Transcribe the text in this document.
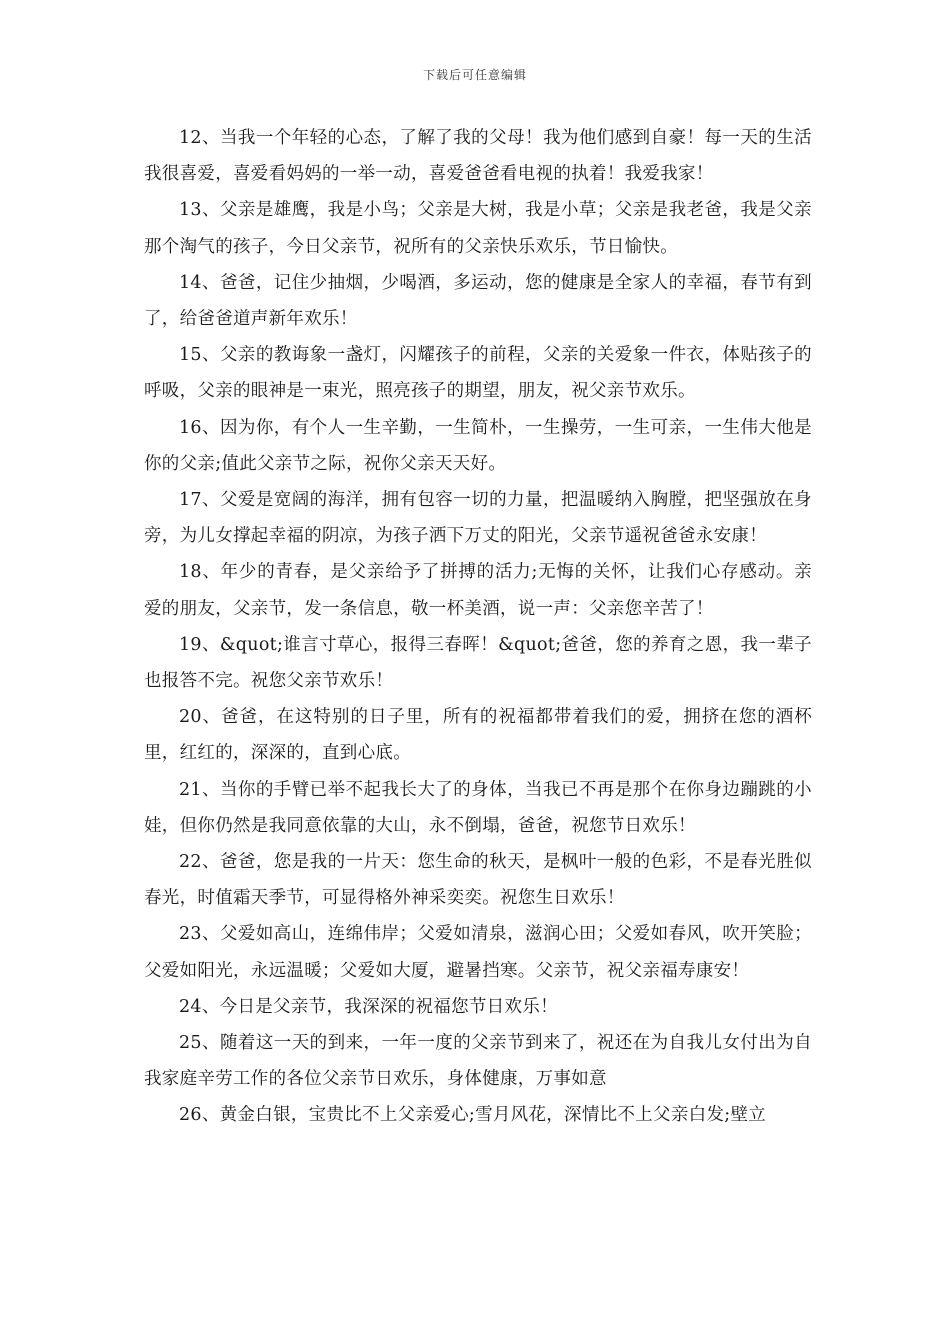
下载后可任意编辑

12、当我一个年轻的心态，了解了我的父母！我为他们感到自豪！每一天的生活我很喜爱，喜爱看妈妈的一举一动，喜爱爸爸看电视的执着！我爱我家！

13、父亲是雄鹰，我是小鸟；父亲是大树，我是小草；父亲是我老爸，我是父亲那个淘气的孩子，今日父亲节，祝所有的父亲快乐欢乐，节日愉快。

14、爸爸，记住少抽烟，少喝酒，多运动，您的健康是全家人的幸福，春节有到了，给爸爸道声新年欢乐！

15、父亲的教诲象一盏灯，闪耀孩子的前程，父亲的关爱象一件衣，体贴孩子的呼吸，父亲的眼神是一束光，照亮孩子的期望，朋友，祝父亲节欢乐。

16、因为你，有个人一生辛勤，一生简朴，一生操劳，一生可亲，一生伟大他是你的父亲;值此父亲节之际，祝你父亲天天好。

17、父爱是宽阔的海洋，拥有包容一切的力量，把温暖纳入胸膛，把坚强放在身旁，为儿女撑起幸福的阴凉，为孩子洒下万丈的阳光，父亲节遥祝爸爸永安康！

18、年少的青春，是父亲给予了拼搏的活力;无悔的关怀，让我们心存感动。亲爱的朋友，父亲节，发一条信息，敬一杯美酒，说一声：父亲您辛苦了！

19、&quot;谁言寸草心，报得三春晖！&quot;爸爸，您的养育之恩，我一辈子也报答不完。祝您父亲节欢乐！

20、爸爸，在这特别的日子里，所有的祝福都带着我们的爱，拥挤在您的酒杯里，红红的，深深的，直到心底。

21、当你的手臂已举不起我长大了的身体，当我已不再是那个在你身边蹦跳的小娃，但你仍然是我同意依靠的大山，永不倒塌，爸爸，祝您节日欢乐！

22、爸爸，您是我的一片天：您生命的秋天，是枫叶一般的色彩，不是春光胜似春光，时值霜天季节，可显得格外神采奕奕。祝您生日欢乐！

23、父爱如高山，连绵伟岸；父爱如清泉，滋润心田；父爱如春风，吹开笑脸；父爱如阳光，永远温暖；父爱如大厦，避暑挡寒。父亲节，祝父亲福寿康安！

24、今日是父亲节，我深深的祝福您节日欢乐！

25、随着这一天的到来，一年一度的父亲节到来了，祝还在为自我儿女付出为自我家庭辛劳工作的各位父亲节日欢乐，身体健康，万事如意

26、黄金白银，宝贵比不上父亲爱心;雪月风花，深情比不上父亲白发;壁立
